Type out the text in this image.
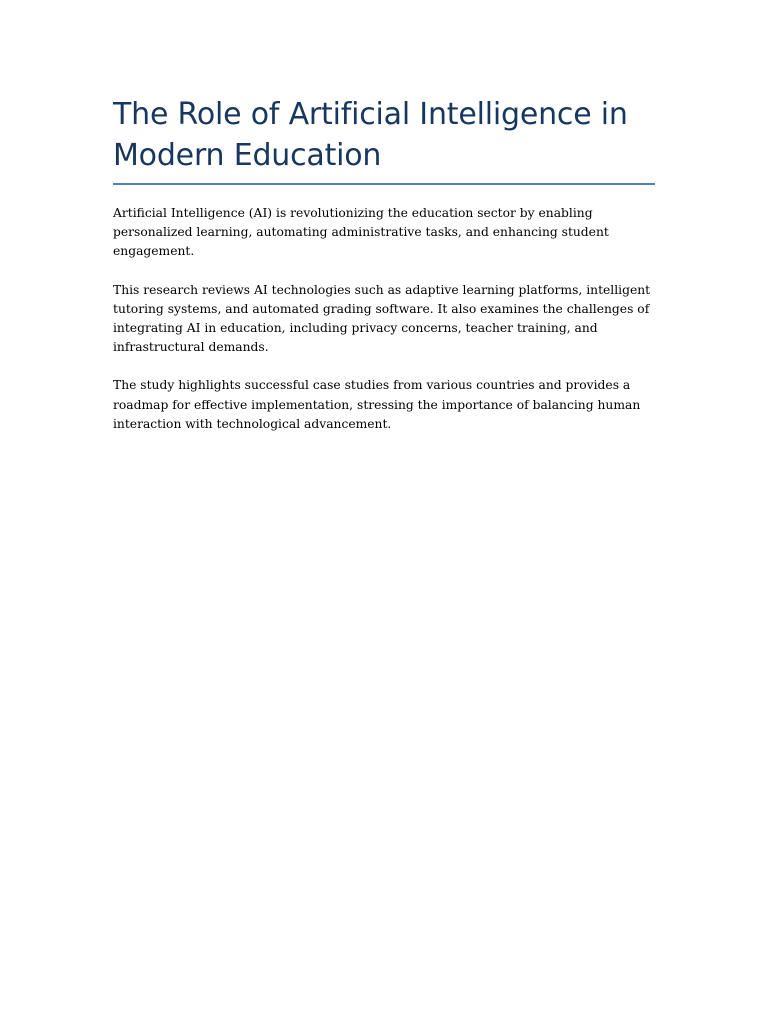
The Role of Artificial Intelligence in Modern Education

Artificial Intelligence (AI) is revolutionizing the education sector by enabling personalized learning, automating administrative tasks, and enhancing student engagement.

This research reviews AI technologies such as adaptive learning platforms, intelligent tutoring systems, and automated grading software. It also examines the challenges of integrating AI in education, including privacy concerns, teacher training, and infrastructural demands.

The study highlights successful case studies from various countries and provides a roadmap for effective implementation, stressing the importance of balancing human interaction with technological advancement.
